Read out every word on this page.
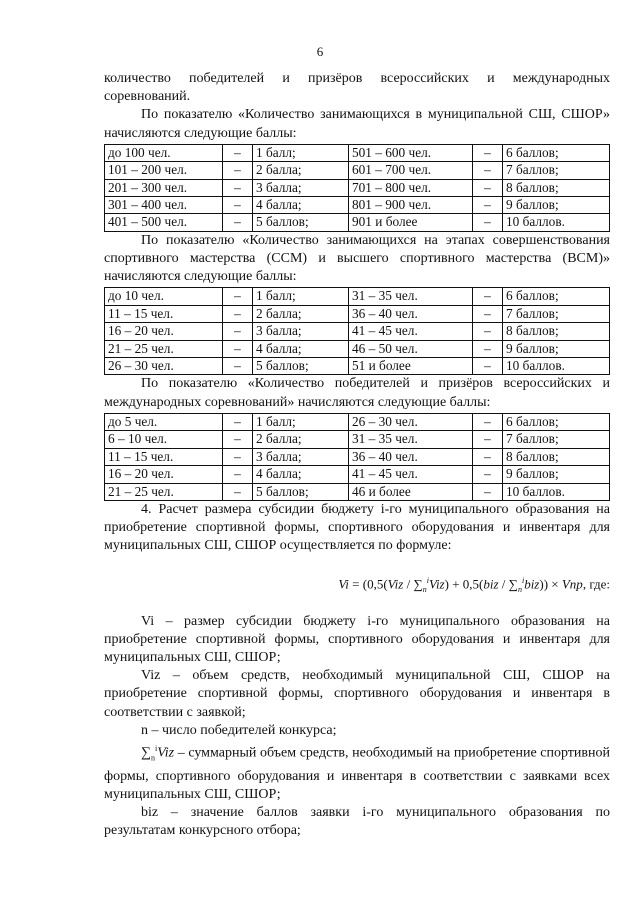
6

количество победителей и призёров всероссийских и международных соревнований.

По показателю «Количество занимающихся в муниципальной СШ, СШОР» начисляются следующие баллы:

до 100 чел.	–	1 балл;	501 – 600 чел.	–	6 баллов;
101 – 200 чел.	–	2 балла;	601 – 700 чел.	–	7 баллов;
201 – 300 чел.	–	3 балла;	701 – 800 чел.	–	8 баллов;
301 – 400 чел.	–	4 балла;	801 – 900 чел.	–	9 баллов;
401 – 500 чел.	–	5 баллов;	901 и более	–	10 баллов.

По показателю «Количество занимающихся на этапах совершенствования спортивного мастерства (ССМ) и высшего спортивного мастерства (ВСМ)» начисляются следующие баллы:

до 10 чел.	–	1 балл;	31 – 35 чел.	–	6 баллов;
11 – 15 чел.	–	2 балла;	36 – 40 чел.	–	7 баллов;
16 – 20 чел.	–	3 балла;	41 – 45 чел.	–	8 баллов;
21 – 25 чел.	–	4 балла;	46 – 50 чел.	–	9 баллов;
26 – 30 чел.	–	5 баллов;	51 и более	–	10 баллов.

По показателю «Количество победителей и призёров всероссийских и международных соревнований» начисляются следующие баллы:

до 5 чел.	–	1 балл;	26 – 30 чел.	–	6 баллов;
6 – 10 чел.	–	2 балла;	31 – 35 чел.	–	7 баллов;
11 – 15 чел.	–	3 балла;	36 – 40 чел.	–	8 баллов;
16 – 20 чел.	–	4 балла;	41 – 45 чел.	–	9 баллов;
21 – 25 чел.	–	5 баллов;	46 и более	–	10 баллов.

4. Расчет размера субсидии бюджету i-го муниципального образования на приобретение спортивной формы, спортивного оборудования и инвентаря для муниципальных СШ, СШОР осуществляется по формуле:

$Vi = (0,5(Viz / \sum_n^iViz) + 0,5(biz / \sum_n^ibiz))$ × Vnp, где:

Vi – размер субсидии бюджету i-го муниципального образования на приобретение спортивной формы, спортивного оборудования и инвентаря для муниципальных СШ, СШОР;

Viz – объем средств, необходимый муниципальной СШ, СШОР на приобретение спортивной формы, спортивного оборудования и инвентаря в соответствии с заявкой;

n – число победителей конкурса;

$\sum_n^iViz$ – суммарный объем средств, необходимый на приобретение спортивной формы, спортивного оборудования и инвентаря в соответствии с заявками всех муниципальных СШ, СШОР;

biz – значение баллов заявки i-го муниципального образования по результатам конкурсного отбора;
